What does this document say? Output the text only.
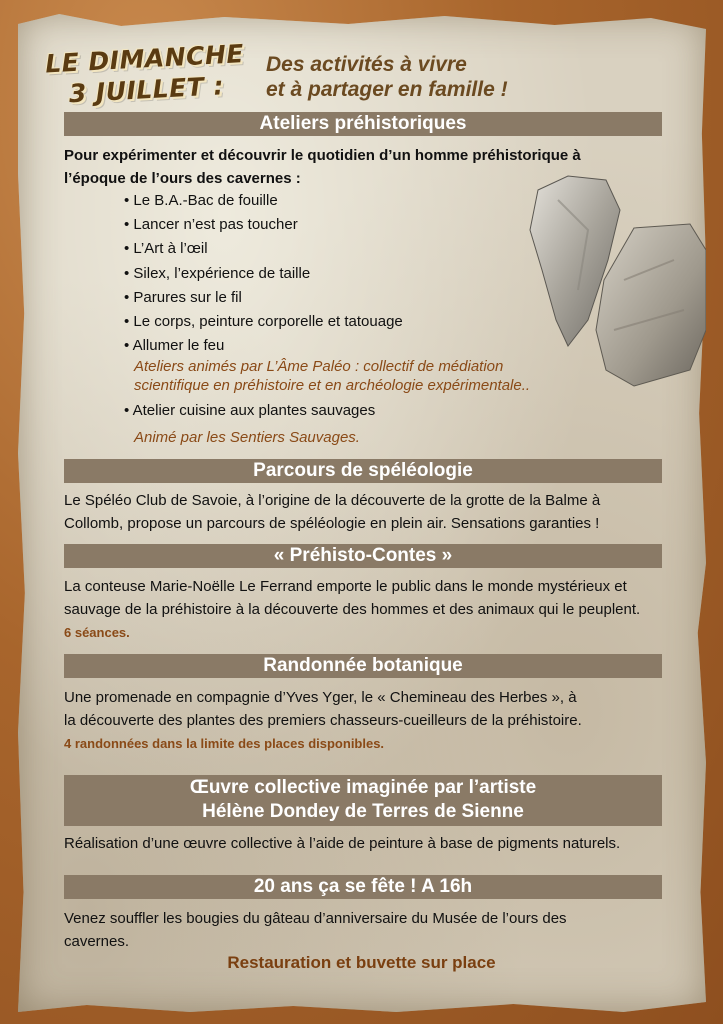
LE DIMANCHE
3 JUILLET :
Des activités à vivre
et à partager en famille !
Ateliers préhistoriques
Pour expérimenter et découvrir le quotidien d’un homme préhistorique à
l’époque de l’ours des cavernes :
• Le B.A.-Bac de fouille
• Lancer n’est pas toucher
• L’Art à l’œil
• Silex, l’expérience de taille
• Parures sur le fil
• Le corps, peinture corporelle et tatouage
• Allumer le feu
Ateliers animés par L’Âme Paléo : collectif de médiation
scientifique en préhistoire et en archéologie expérimentale..
• Atelier cuisine aux plantes sauvages
Animé par les Sentiers Sauvages.
Parcours de spéléologie
Le Spéléo Club de Savoie, à l’origine de la découverte de la grotte de la Balme à
Collomb, propose un parcours de spéléologie en plein air. Sensations garanties !
« Préhisto-Contes »
La conteuse Marie-Noëlle Le Ferrand emporte le public dans le monde mystérieux et
sauvage de la préhistoire à la découverte des hommes et des animaux qui le peuplent.
6 séances.
Randonnée botanique
Une promenade en compagnie d’Yves Yger, le « Chemineau des Herbes », à
la découverte des plantes des premiers chasseurs-cueilleurs de la préhistoire.
4 randonnées dans la limite des places disponibles.
Œuvre collective imaginée par l’artiste
Hélène Dondey de Terres de Sienne
Réalisation d’une œuvre collective à l’aide de peinture à base de pigments naturels.
20 ans ça se fête ! A 16h
Venez souffler les bougies du gâteau d’anniversaire du Musée de l’ours des
cavernes.
Restauration et buvette sur place
